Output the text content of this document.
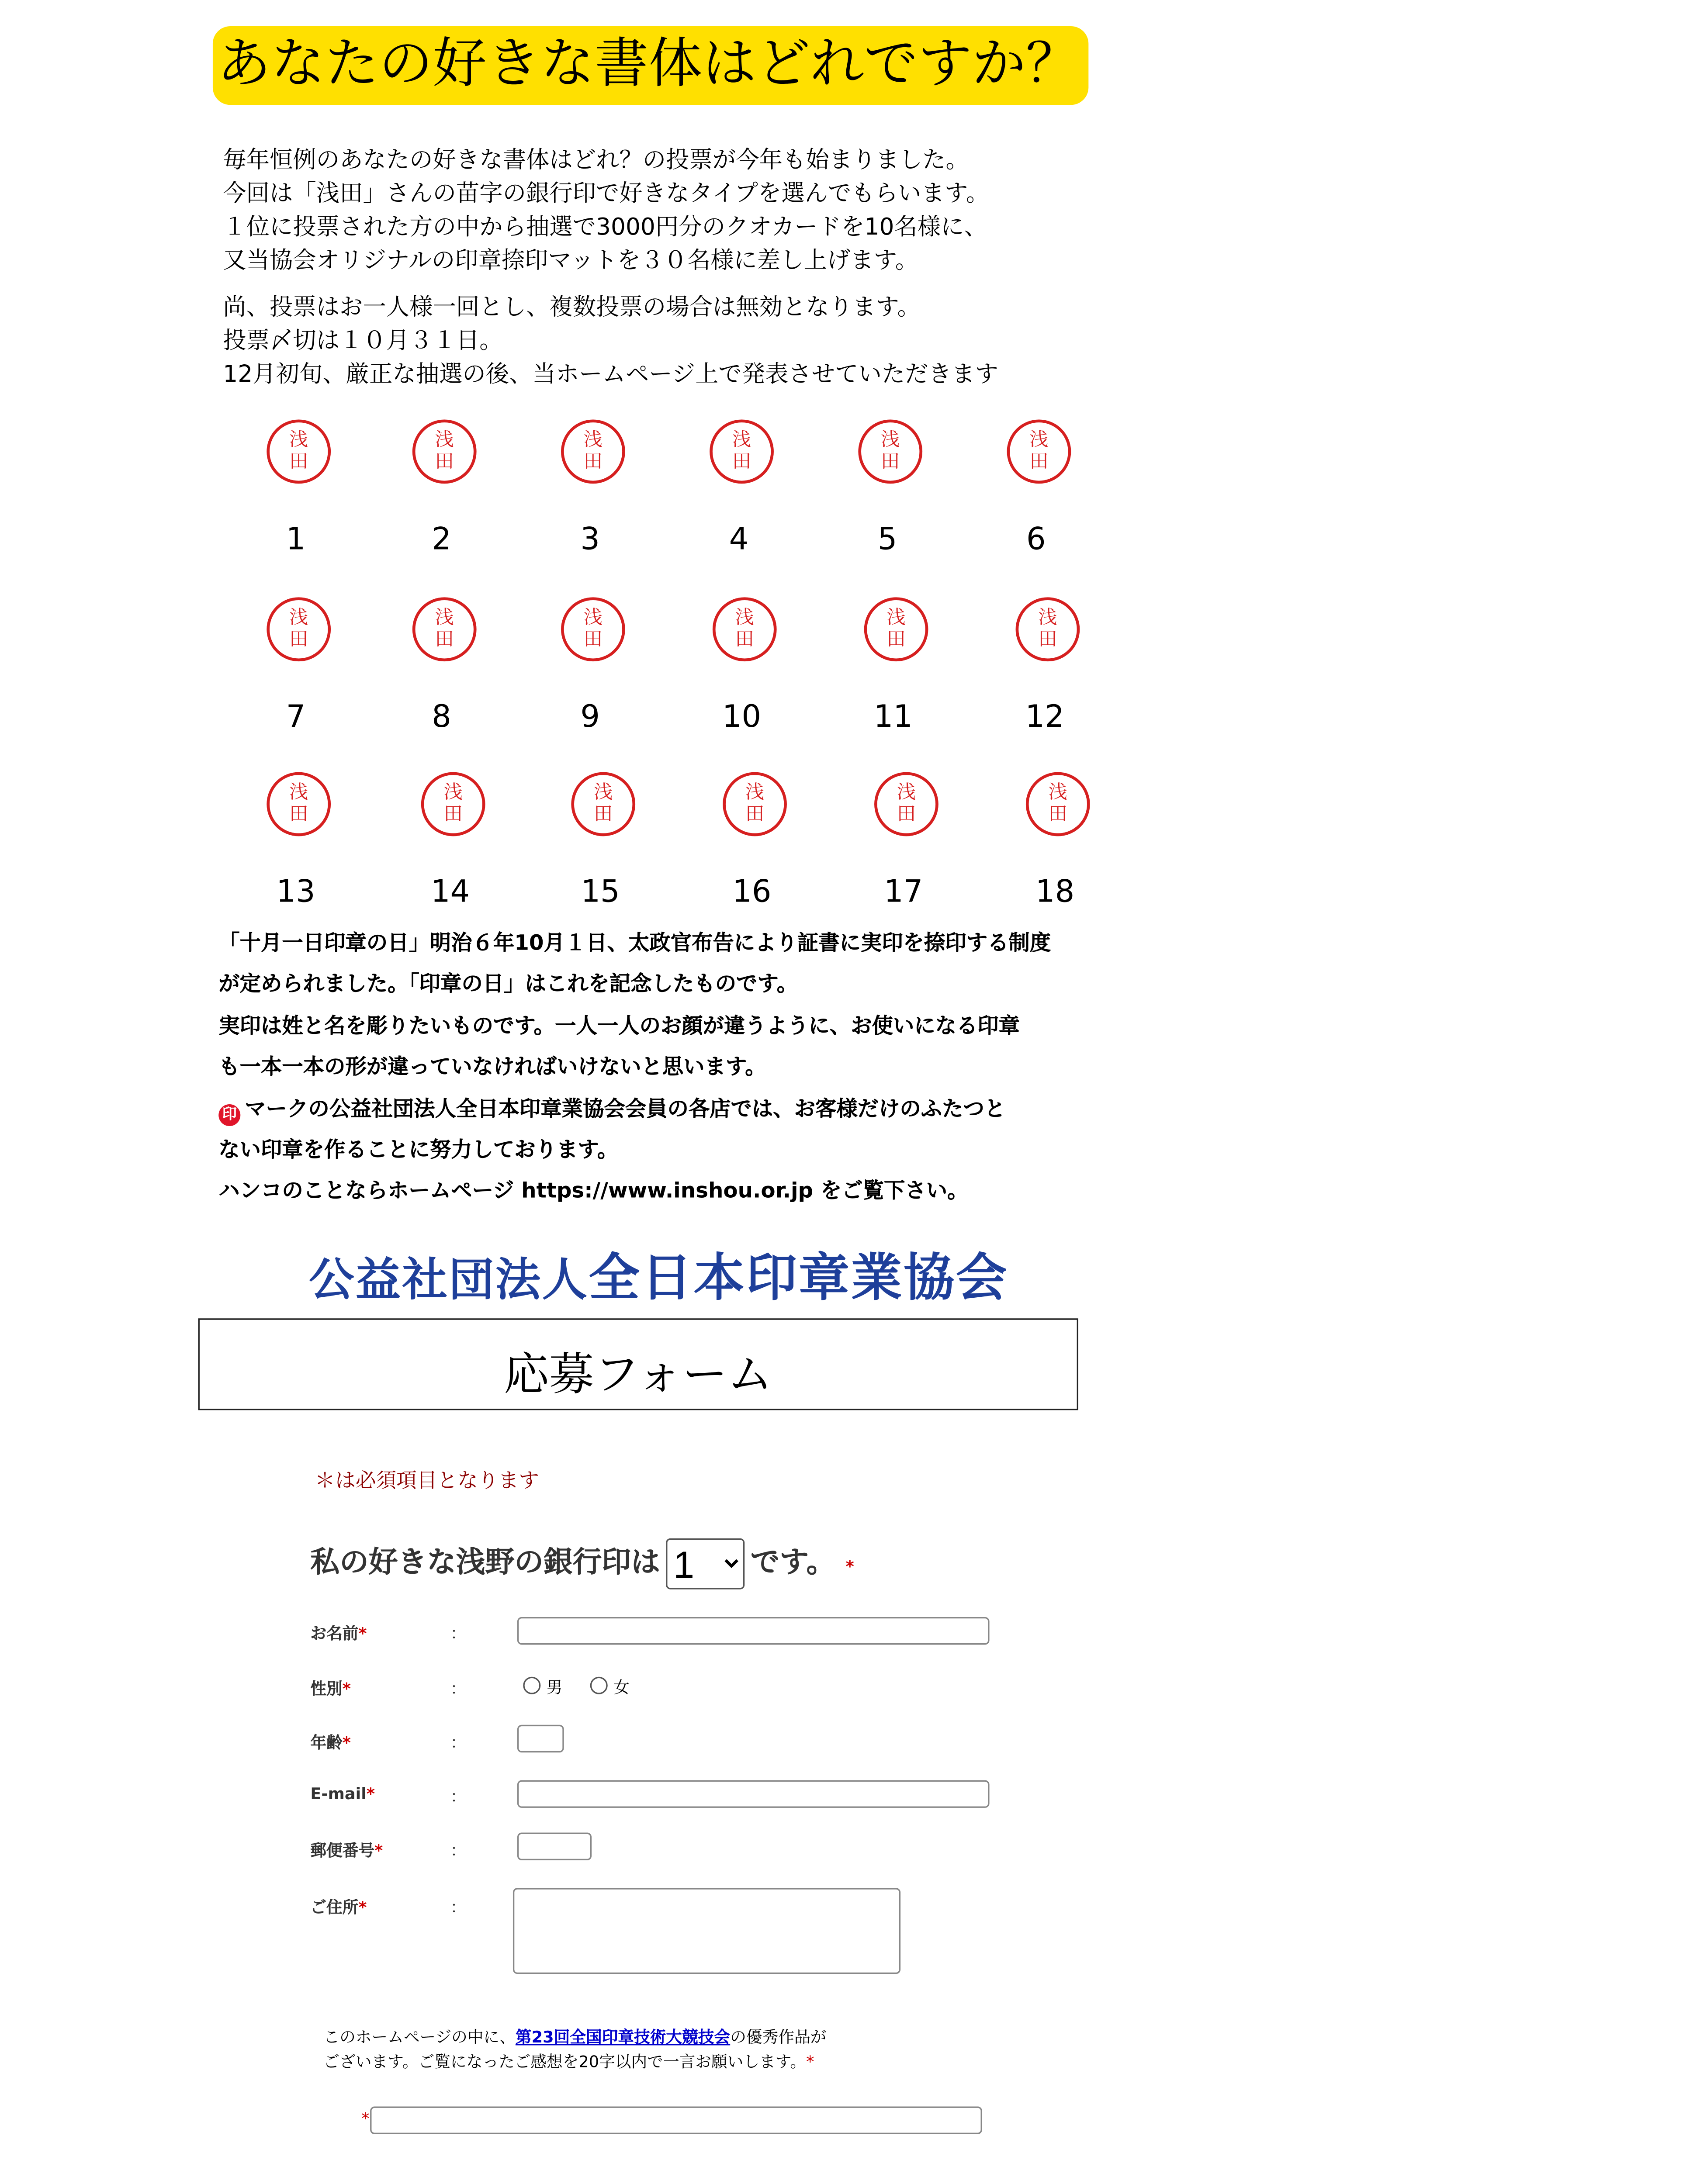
あなたの好きな書体はどれですか？

毎年恒例のあなたの好きな書体はどれ？の投票が今年も始まりました。

今回は「浅田」さんの苗字の銀行印で好きなタイプを選んでもらいます。

１位に投票された方の中から抽選で3000円分のクオカードを10名様に、

又当協会オリジナルの印章捺印マットを３０名様に差し上げます。

尚、投票はお一人様一回とし、複数投票の場合は無効となります。

投票〆切は１０月３１日。

12月初旬、厳正な抽選の後、当ホームページ上で発表させていただきます

浅
田
1
浅
田
2
浅
田
3
浅
田
4
浅
田
5
浅
田
6
浅
田
7
浅
田
8
浅
田
9
浅
田
10
浅
田
11
浅
田
12
浅
田
13
浅
田
14
浅
田
15
浅
田
16
浅
田
17
浅
田
18

「十月一日印章の日」明治６年10月１日、太政官布告により証書に実印を捺印する制度

が定められました。「印章の日」はこれを記念したものです。

実印は姓と名を彫りたいものです。一人一人のお顔が違うように、お使いになる印章

も一本一本の形が違っていなければいけないと思います。

印 マークの公益社団法人全日本印章業協会会員の各店では、お客様だけのふたつと

ない印章を作ることに努力しております。

ハンコのことならホームページ https://www.inshou.or.jp をご覧下さい。

公益社団法人全日本印章業協会
応募フォーム
＊は必須項目となります
私の好きな浅野の銀行印は
1	です。 *
お名前*	：
性別*	：	男	女
年齢*	：
E-mail*	：
郵便番号*	：
ご住所*	：
このホームページの中に、第23回全国印章技術大競技会の優秀作品が
ございます。ご覧になったご感想を20字以内で一言お願いします。*
*
